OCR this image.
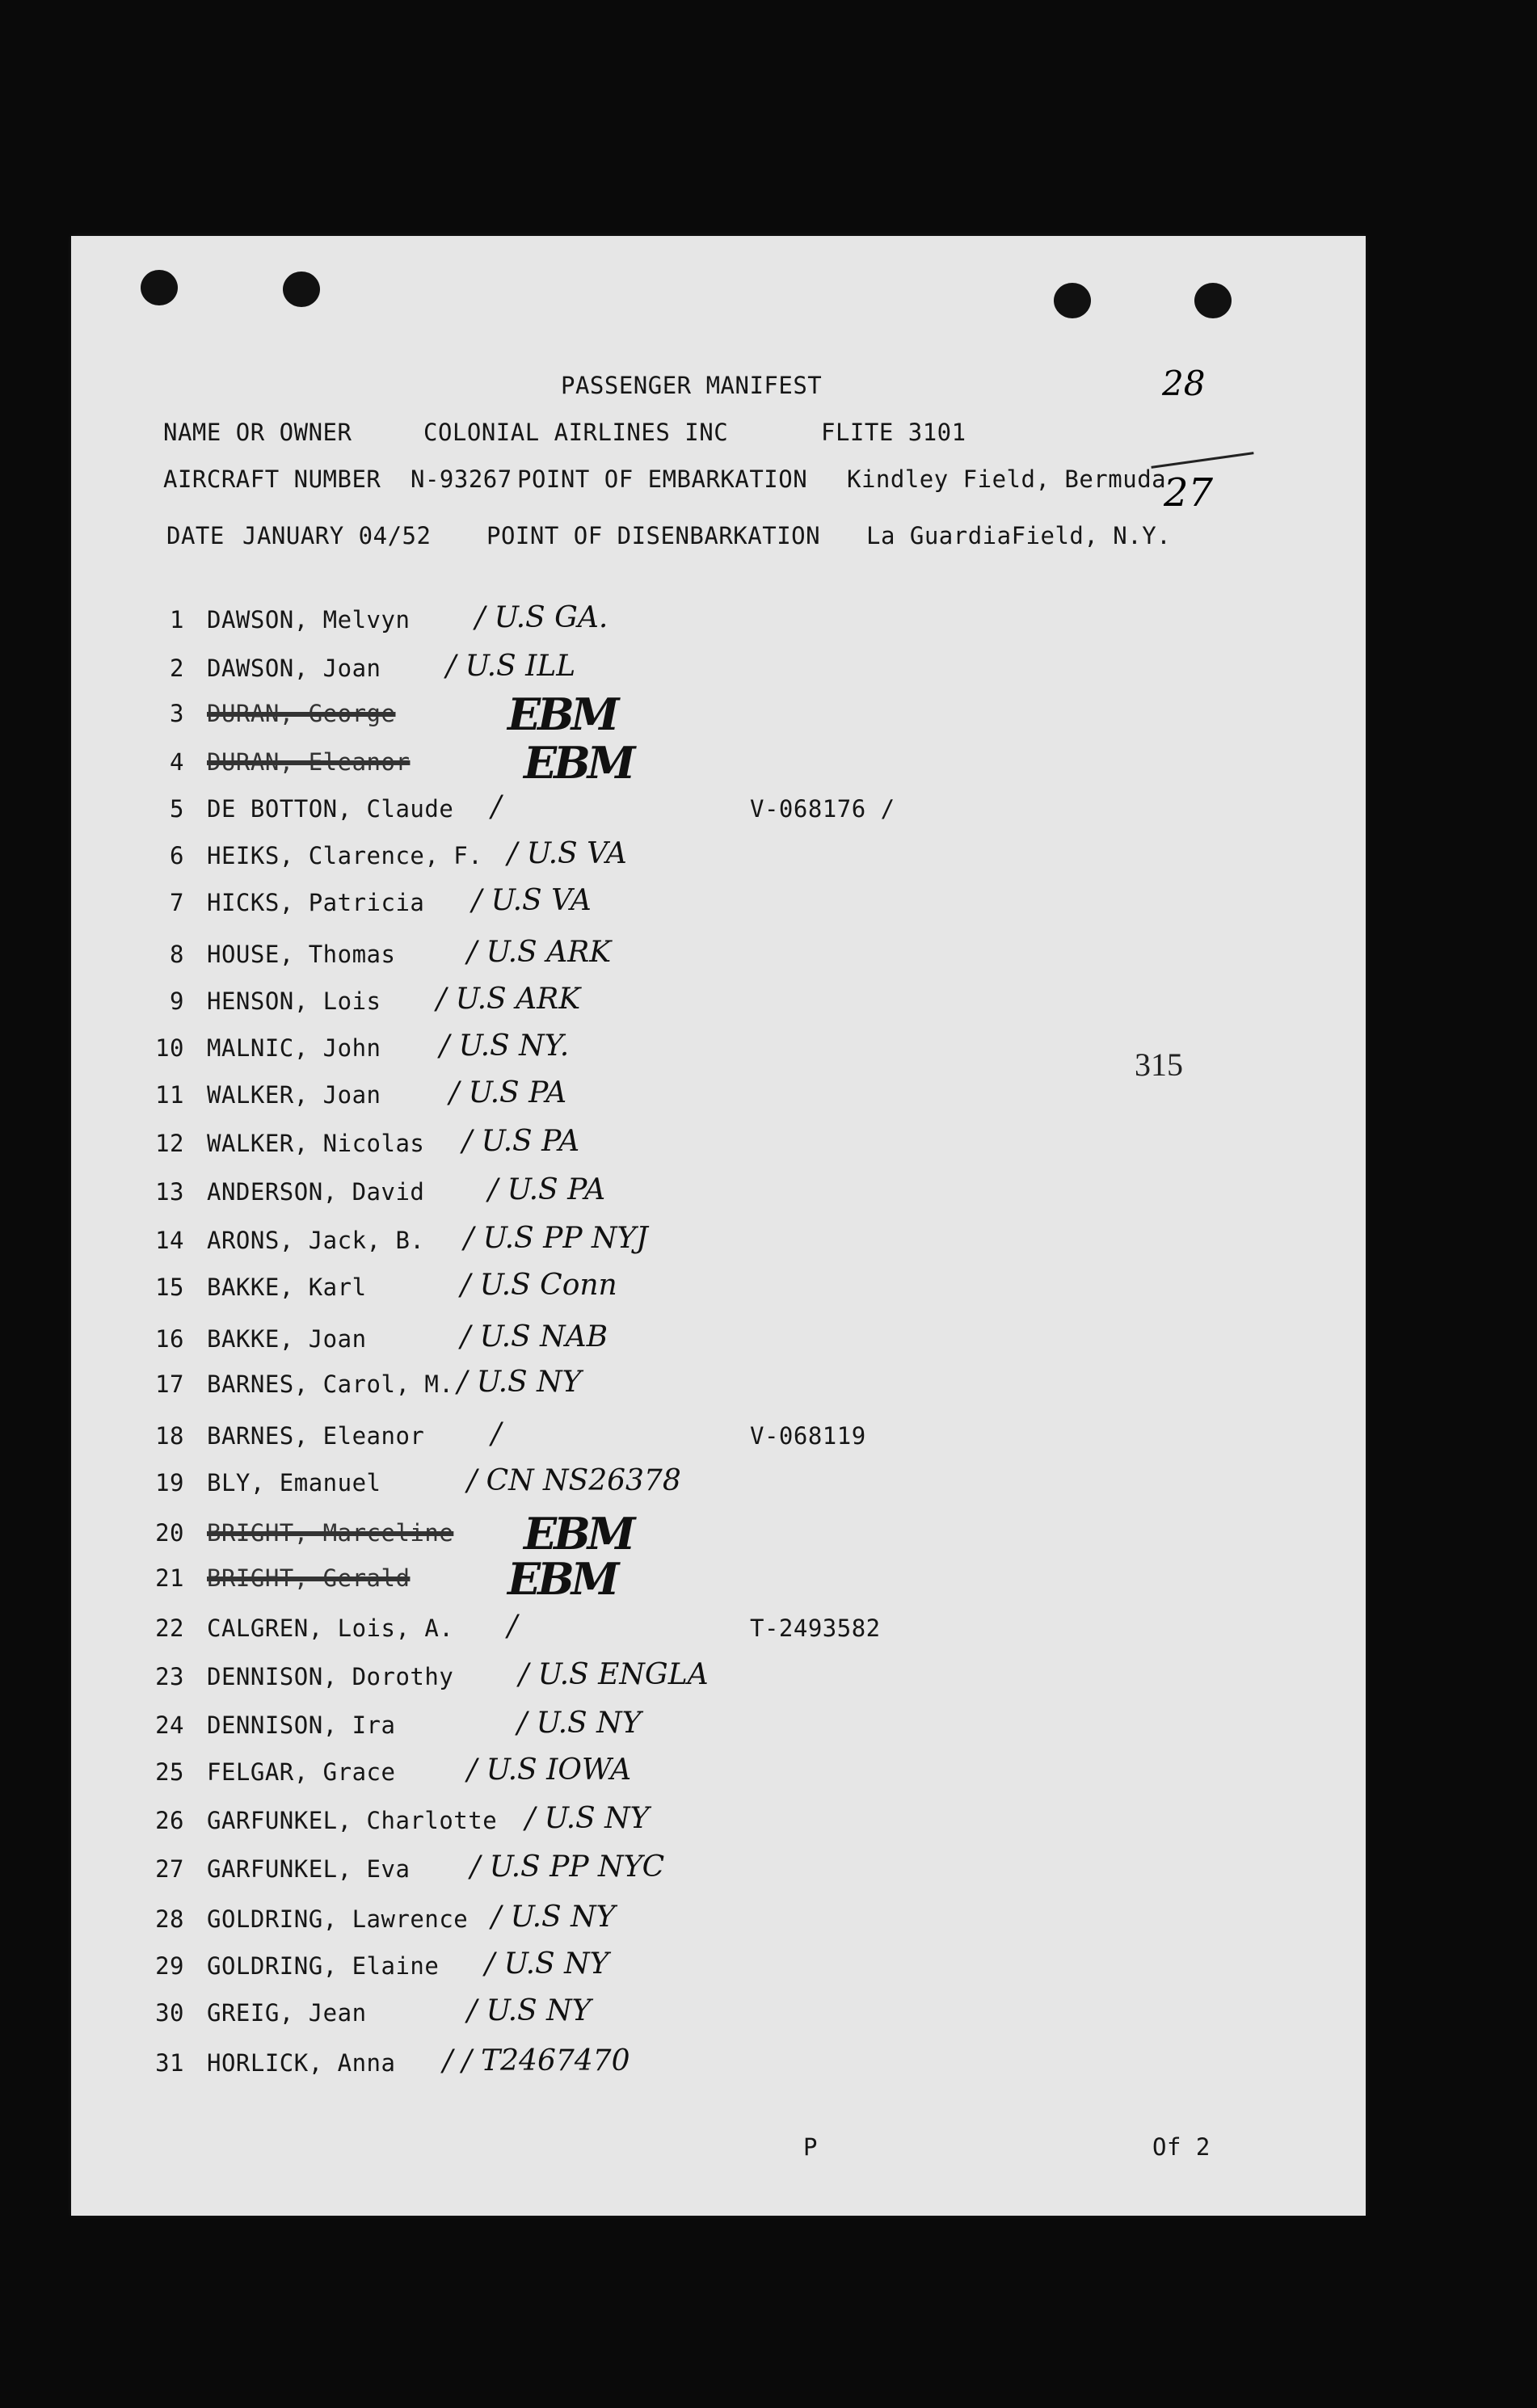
28
27
PASSENGER MANIFEST
NAME OR OWNER	COLONIAL AIRLINES INC	FLITE 3101
AIRCRAFT NUMBER N-93267 POINT OF EMBARKATION Kindley Field, Bermuda
DATE JANUARY 04/52 POINT OF DISENBARKATION La GuardiaField, N.Y.
1 DAWSON, Melvyn / U.S GA.
2 DAWSON, Joan / U.S ILL
3 DURAN, George	EBM
4 DURAN, Eleanor	EBM
5 DE BOTTON, Claude /	V-068176 /
6 HEIKS, Clarence, F. / U.S VA
7 HICKS, Patricia / U.S VA
8 HOUSE, Thomas / U.S ARK
9 HENSON, Lois / U.S ARK
10 MALNIC, John / U.S NY.
11 WALKER, Joan / U.S PA
12 WALKER, Nicolas / U.S PA
13 ANDERSON, David / U.S PA
14 ARONS, Jack, B. / U.S PP NYJ
15 BAKKE, Karl	/ U.S Conn
16 BAKKE, Joan	/ U.S NAB
17 BARNES, Carol, M. / U.S NY
18 BARNES, Eleanor /	V-068119
19 BLY, Emanuel	/ CN NS26378
20 BRIGHT, Marceline EBM
21 BRIGHT, Gerald EBM
22 CALGREN, Lois, A. /	T-2493582
23 DENNISON, Dorothy / U.S ENGLA
24 DENNISON, Ira	/ U.S NY
25 FELGAR, Grace / U.S IOWA
26 GARFUNKEL, Charlotte / U.S NY
27 GARFUNKEL, Eva / U.S PP NYC
28 GOLDRING, Lawrence / U.S NY
29 GOLDRING, Elaine / U.S NY
30 GREIG, Jean	/ U.S NY
31 HORLICK, Anna / / T2467470
315
P	Of 2
